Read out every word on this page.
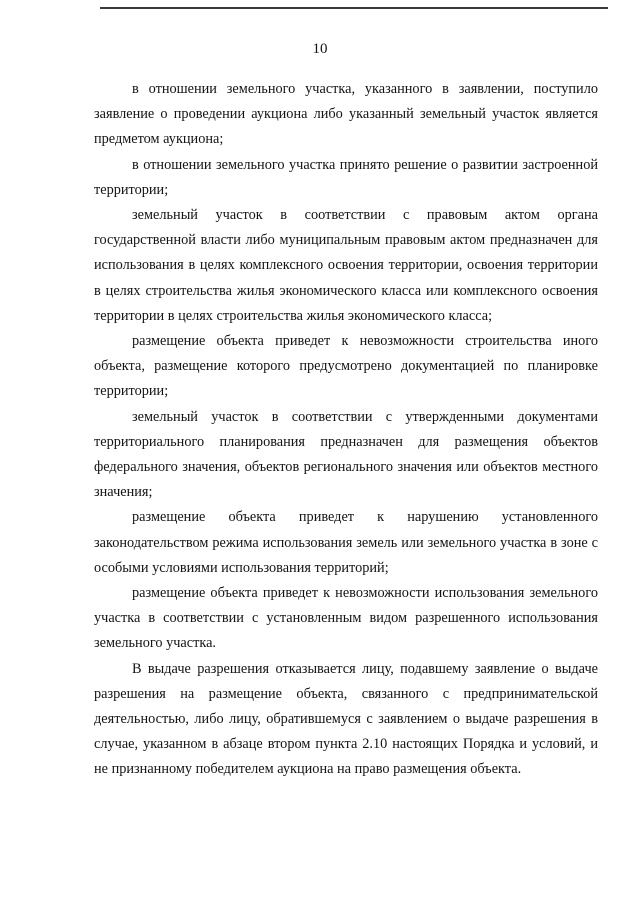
10

в отношении земельного участка, указанного в заявлении, поступило заявление о проведении аукциона либо указанный земельный участок является предметом аукциона;

в отношении земельного участка принято решение о развитии застроенной территории;

земельный участок в соответствии с правовым актом органа государственной власти либо муниципальным правовым актом предназначен для использования в целях комплексного освоения территории, освоения территории в целях строительства жилья экономического класса или комплексного освоения территории в целях строительства жилья экономического класса;

размещение объекта приведет к невозможности строительства иного объекта, размещение которого предусмотрено документацией по планировке территории;

земельный участок в соответствии с утвержденными документами территориального планирования предназначен для размещения объектов федерального значения, объектов регионального значения или объектов местного значения;

размещение объекта приведет к нарушению установленного законодательством режима использования земель или земельного участка в зоне с особыми условиями использования территорий;

размещение объекта приведет к невозможности использования земельного участка в соответствии с установленным видом разрешенного использования земельного участка.

В выдаче разрешения отказывается лицу, подавшему заявление о выдаче разрешения на размещение объекта, связанного с предпринимательской деятельностью, либо лицу, обратившемуся с заявлением о выдаче разрешения в случае, указанном в абзаце втором пункта 2.10 настоящих Порядка и условий, и не признанному победителем аукциона на право размещения объекта.
